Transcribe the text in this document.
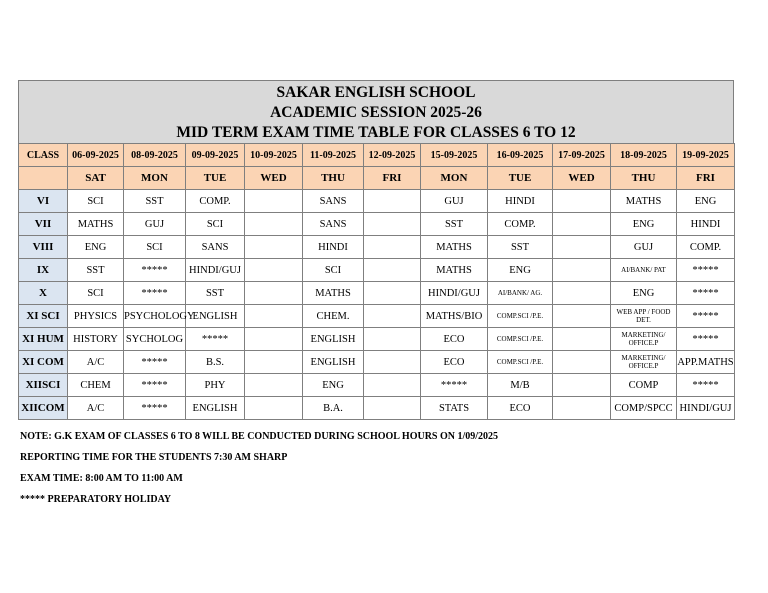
SAKAR ENGLISH SCHOOL
ACADEMIC SESSION 2025-26
MID TERM EXAM TIME TABLE FOR CLASSES 6 TO 12
CLASS	06-09-2025	08-09-2025	09-09-2025	10-09-2025	11-09-2025	12-09-2025	15-09-2025	16-09-2025	17-09-2025	18-09-2025	19-09-2025
	SAT	MON	TUE	WED	THU	FRI	MON	TUE	WED	THU	FRI
VI	SCI	SST	COMP.		SANS		GUJ	HINDI		MATHS	ENG
VII	MATHS	GUJ	SCI		SANS		SST	COMP.		ENG	HINDI
VIII	ENG	SCI	SANS		HINDI		MATHS	SST		GUJ	COMP.
IX	SST	*****	HINDI/GUJ		SCI		MATHS	ENG		AI/BANK/ PAT	*****
X	SCI	*****	SST		MATHS		HINDI/GUJ	AI/BANK/ AG.		ENG	*****
XI SCI	PHYSICS	PSYCHOLOGY	ENGLISH		CHEM.		MATHS/BIO	COMP.SCI /P.E.		WEB APP / FOOD DET.	*****
XI HUM	HISTORY	SYCHOLOG	*****		ENGLISH		ECO	COMP.SCI /P.E.		MARKETING/ OFFICE.P	*****
XI COM	A/C	*****	B.S.		ENGLISH		ECO	COMP.SCI /P.E.		MARKETING/ OFFICE.P	APP.MATHS
XIISCI	CHEM	*****	PHY		ENG		*****	M/B		COMP	*****
XIICOM	A/C	*****	ENGLISH		B.A.		STATS	ECO		COMP/SPCC	HINDI/GUJ
NOTE: G.K EXAM OF CLASSES 6 TO 8 WILL BE CONDUCTED DURING SCHOOL HOURS ON 1/09/2025
REPORTING TIME FOR THE STUDENTS 7:30 AM SHARP
EXAM TIME: 8:00 AM TO 11:00 AM
***** PREPARATORY HOLIDAY
